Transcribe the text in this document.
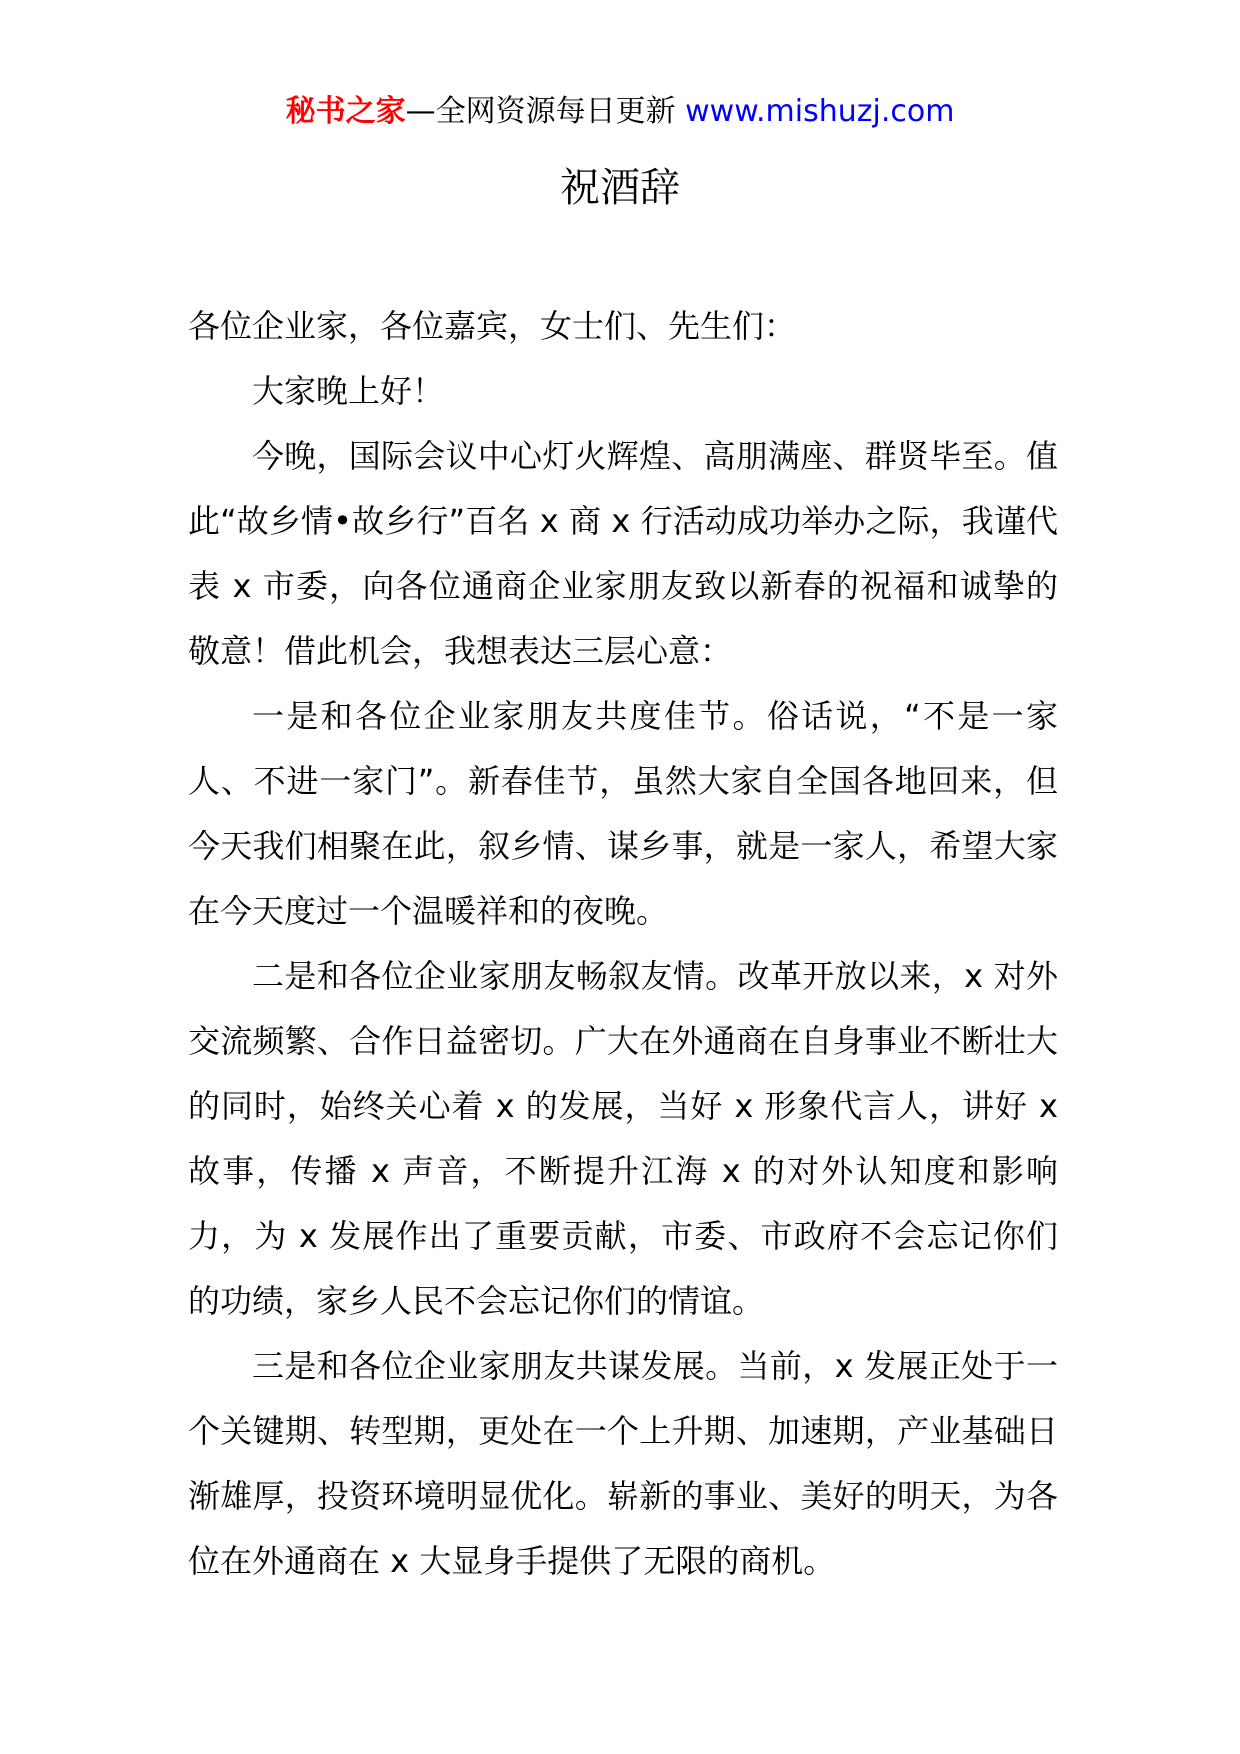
秘书之家—全网资源每日更新 www.mishuzj.com
祝酒辞

各位企业家，各位嘉宾，女士们、先生们：

大家晚上好！

今晚，国际会议中心灯火辉煌、高朋满座、群贤毕至。值此“故乡情•故乡行”百名 x 商 x 行活动成功举办之际，我谨代表 x 市委，向各位通商企业家朋友致以新春的祝福和诚挚的敬意！借此机会，我想表达三层心意：

一是和各位企业家朋友共度佳节。俗话说，“不是一家人、不进一家门”。新春佳节，虽然大家自全国各地回来，但今天我们相聚在此，叙乡情、谋乡事，就是一家人，希望大家在今天度过一个温暖祥和的夜晚。

二是和各位企业家朋友畅叙友情。改革开放以来，x 对外交流频繁、合作日益密切。广大在外通商在自身事业不断壮大的同时，始终关心着 x 的发展，当好 x 形象代言人，讲好 x 故事，传播 x 声音，不断提升江海 x 的对外认知度和影响力，为 x 发展作出了重要贡献，市委、市政府不会忘记你们的功绩，家乡人民不会忘记你们的情谊。

三是和各位企业家朋友共谋发展。当前，x 发展正处于一个关键期、转型期，更处在一个上升期、加速期，产业基础日渐雄厚，投资环境明显优化。崭新的事业、美好的明天，为各位在外通商在 x 大显身手提供了无限的商机。
